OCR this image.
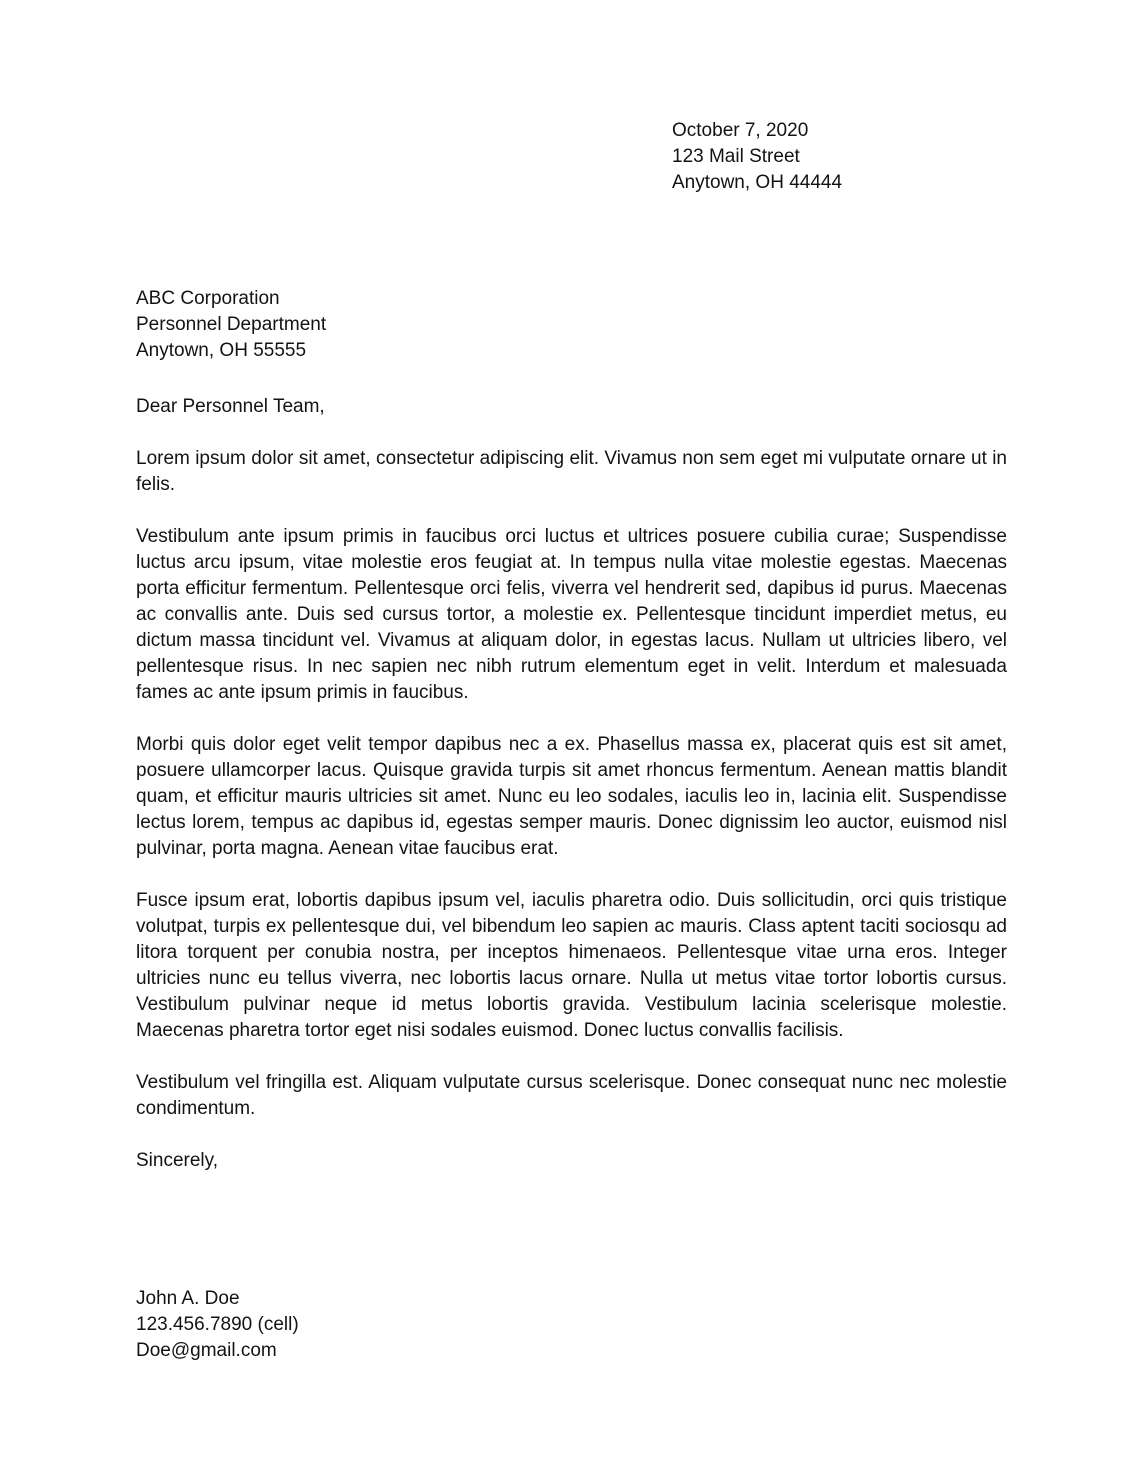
October 7, 2020
123 Mail Street
Anytown, OH 44444
ABC Corporation
Personnel Department
Anytown, OH 55555

Dear Personnel Team,

Lorem ipsum dolor sit amet, consectetur adipiscing elit. Vivamus non sem eget mi vulputate ornare ut in felis.

Vestibulum ante ipsum primis in faucibus orci luctus et ultrices posuere cubilia curae; Suspendisse luctus arcu ipsum, vitae molestie eros feugiat at. In tempus nulla vitae molestie egestas. Maecenas porta efficitur fermentum. Pellentesque orci felis, viverra vel hendrerit sed, dapibus id purus. Maecenas ac convallis ante. Duis sed cursus tortor, a molestie ex. Pellentesque tincidunt imperdiet metus, eu dictum massa tincidunt vel. Vivamus at aliquam dolor, in egestas lacus. Nullam ut ultricies libero, vel pellentesque risus. In nec sapien nec nibh rutrum elementum eget in velit. Interdum et malesuada fames ac ante ipsum primis in faucibus.

Morbi quis dolor eget velit tempor dapibus nec a ex. Phasellus massa ex, placerat quis est sit amet, posuere ullamcorper lacus. Quisque gravida turpis sit amet rhoncus fermentum. Aenean mattis blandit quam, et efficitur mauris ultricies sit amet. Nunc eu leo sodales, iaculis leo in, lacinia elit. Suspendisse lectus lorem, tempus ac dapibus id, egestas semper mauris. Donec dignissim leo auctor, euismod nisl pulvinar, porta magna. Aenean vitae faucibus erat.

Fusce ipsum erat, lobortis dapibus ipsum vel, iaculis pharetra odio. Duis sollicitudin, orci quis tristique volutpat, turpis ex pellentesque dui, vel bibendum leo sapien ac mauris. Class aptent taciti sociosqu ad litora torquent per conubia nostra, per inceptos himenaeos. Pellentesque vitae urna eros. Integer ultricies nunc eu tellus viverra, nec lobortis lacus ornare. Nulla ut metus vitae tortor lobortis cursus. Vestibulum pulvinar neque id metus lobortis gravida. Vestibulum lacinia scelerisque molestie. Maecenas pharetra tortor eget nisi sodales euismod. Donec luctus convallis facilisis.

Vestibulum vel fringilla est. Aliquam vulputate cursus scelerisque. Donec consequat nunc nec molestie condimentum.

Sincerely,

John A. Doe
123.456.7890 (cell)
Doe@gmail.com
